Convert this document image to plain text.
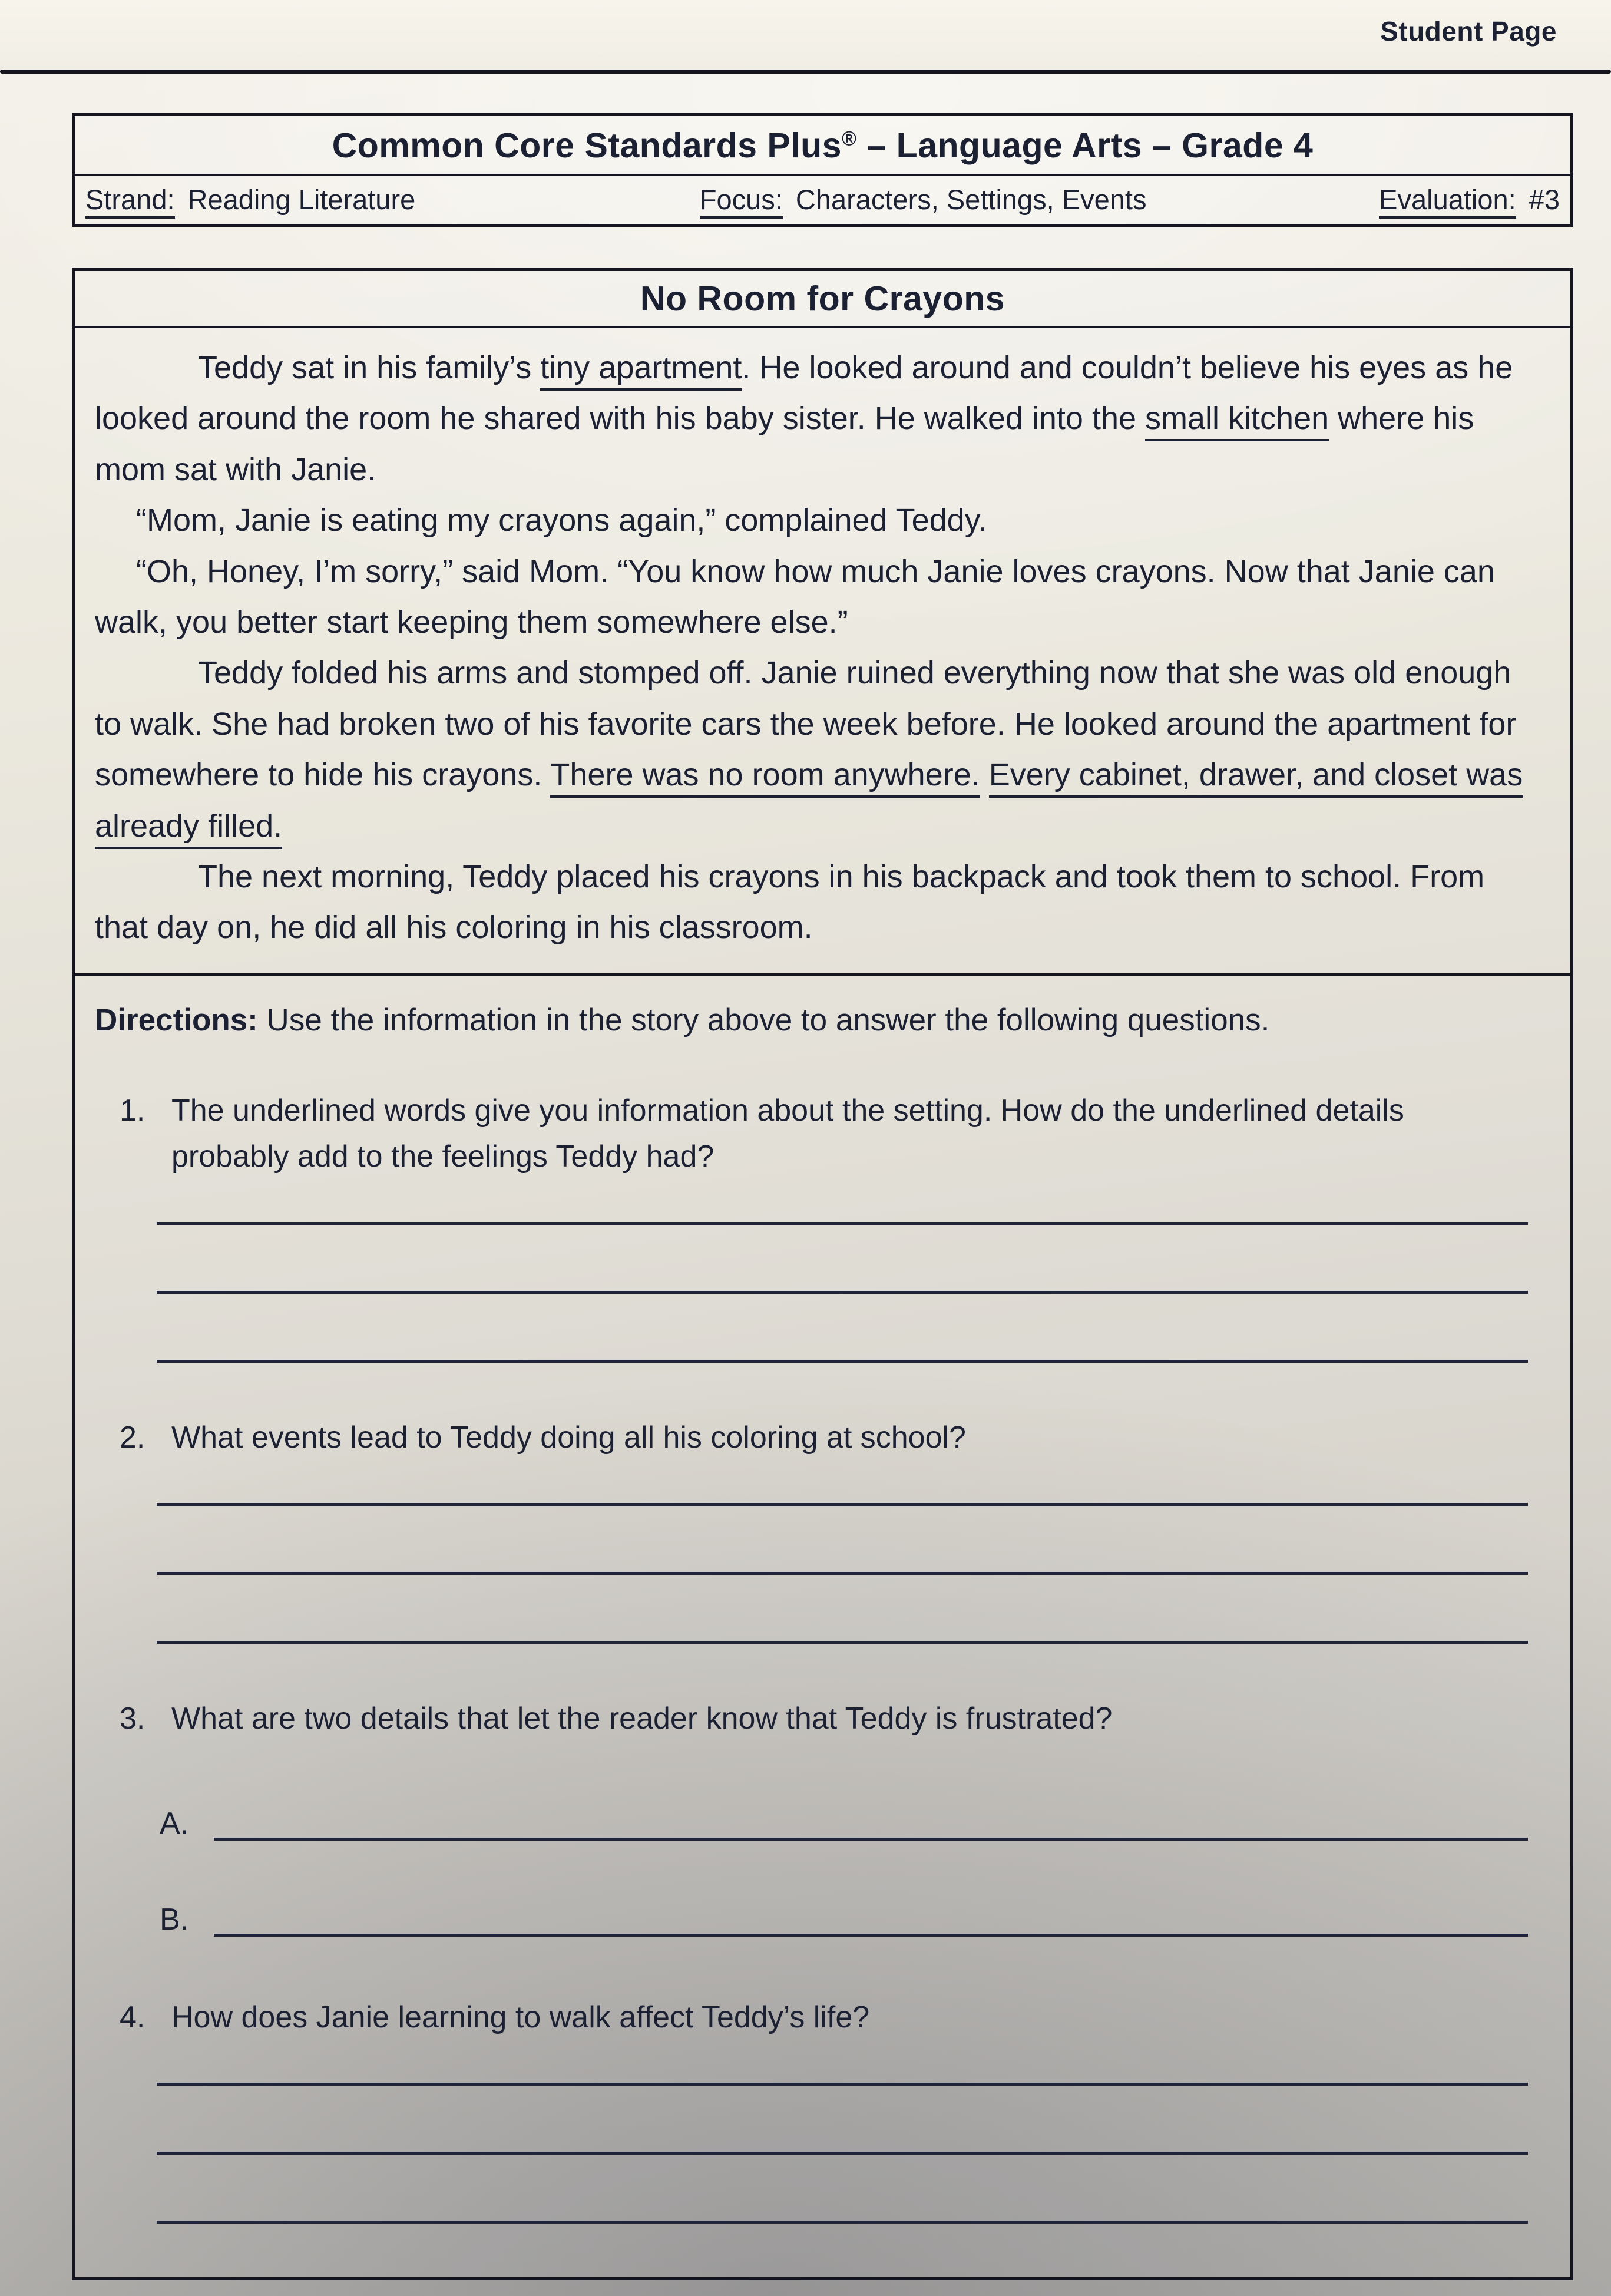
Student Page
Common Core Standards Plus® – Language Arts – Grade 4
Strand: Reading Literature	Focus: Characters, Settings, Events	Evaluation: #3
No Room for Crayons

Teddy sat in his family’s tiny apartment. He looked around and couldn’t believe his eyes as he looked around the room he shared with his baby sister. He walked into the small kitchen where his mom sat with Janie.

“Mom, Janie is eating my crayons again,” complained Teddy.

“Oh, Honey, I’m sorry,” said Mom. “You know how much Janie loves crayons. Now that Janie can walk, you better start keeping them somewhere else.”

Teddy folded his arms and stomped off. Janie ruined everything now that she was old enough to walk. She had broken two of his favorite cars the week before. He looked around the apartment for somewhere to hide his crayons. There was no room anywhere. Every cabinet, drawer, and closet was already filled.

The next morning, Teddy placed his crayons in his backpack and took them to school. From that day on, he did all his coloring in his classroom.

Directions: Use the information in the story above to answer the following questions.

1. The underlined words give you information about the setting. How do the underlined details probably add to the feelings Teddy had?
2. What events lead to Teddy doing all his coloring at school?
3. What are two details that let the reader know that Teddy is frustrated?
A.
B.
4. How does Janie learning to walk affect Teddy’s life?
